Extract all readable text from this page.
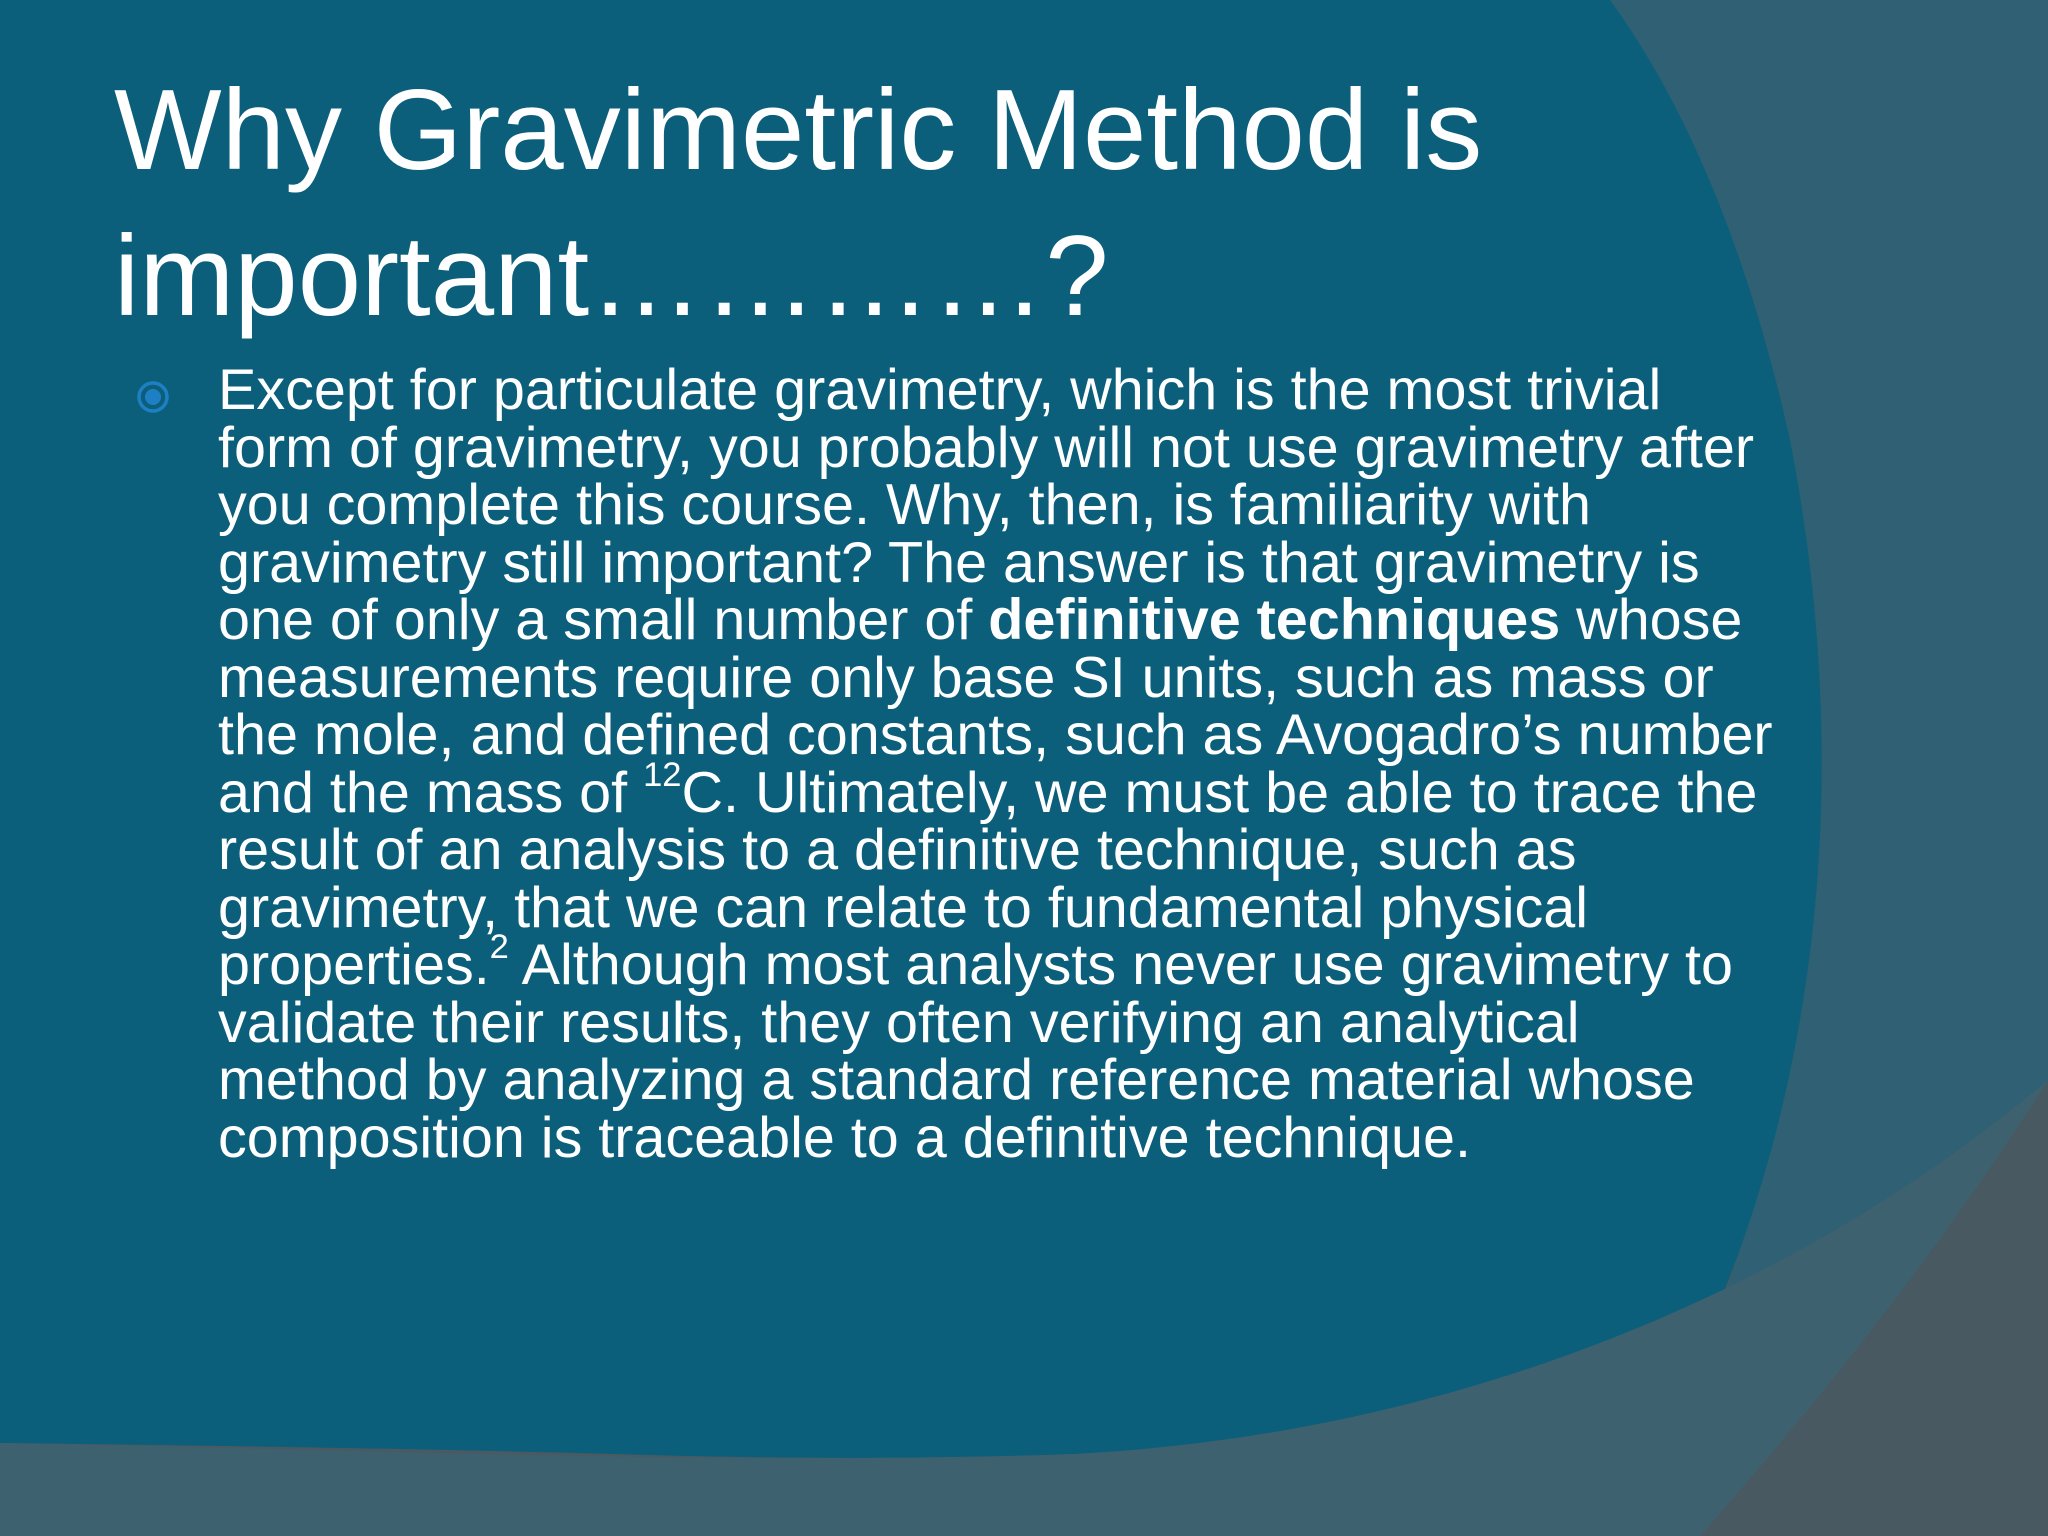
Why Gravimetric Method is important…………?

Except for particulate gravimetry, which is the most trivial form of gravimetry, you probably will not use gravimetry after you complete this course. Why, then, is familiarity with gravimetry still important? The answer is that gravimetry is one of only a small number of definitive techniques whose measurements require only base SI units, such as mass or the mole, and defined constants, such as Avogadro’s number and the mass of $^{12}$C. Ultimately, we must be able to trace the result of an analysis to a definitive technique, such as gravimetry, that we can relate to fundamental physical properties.$^2$ Although most analysts never use gravimetry to validate their results, they often verifying an analytical method by analyzing a standard reference material whose composition is traceable to a definitive technique.
